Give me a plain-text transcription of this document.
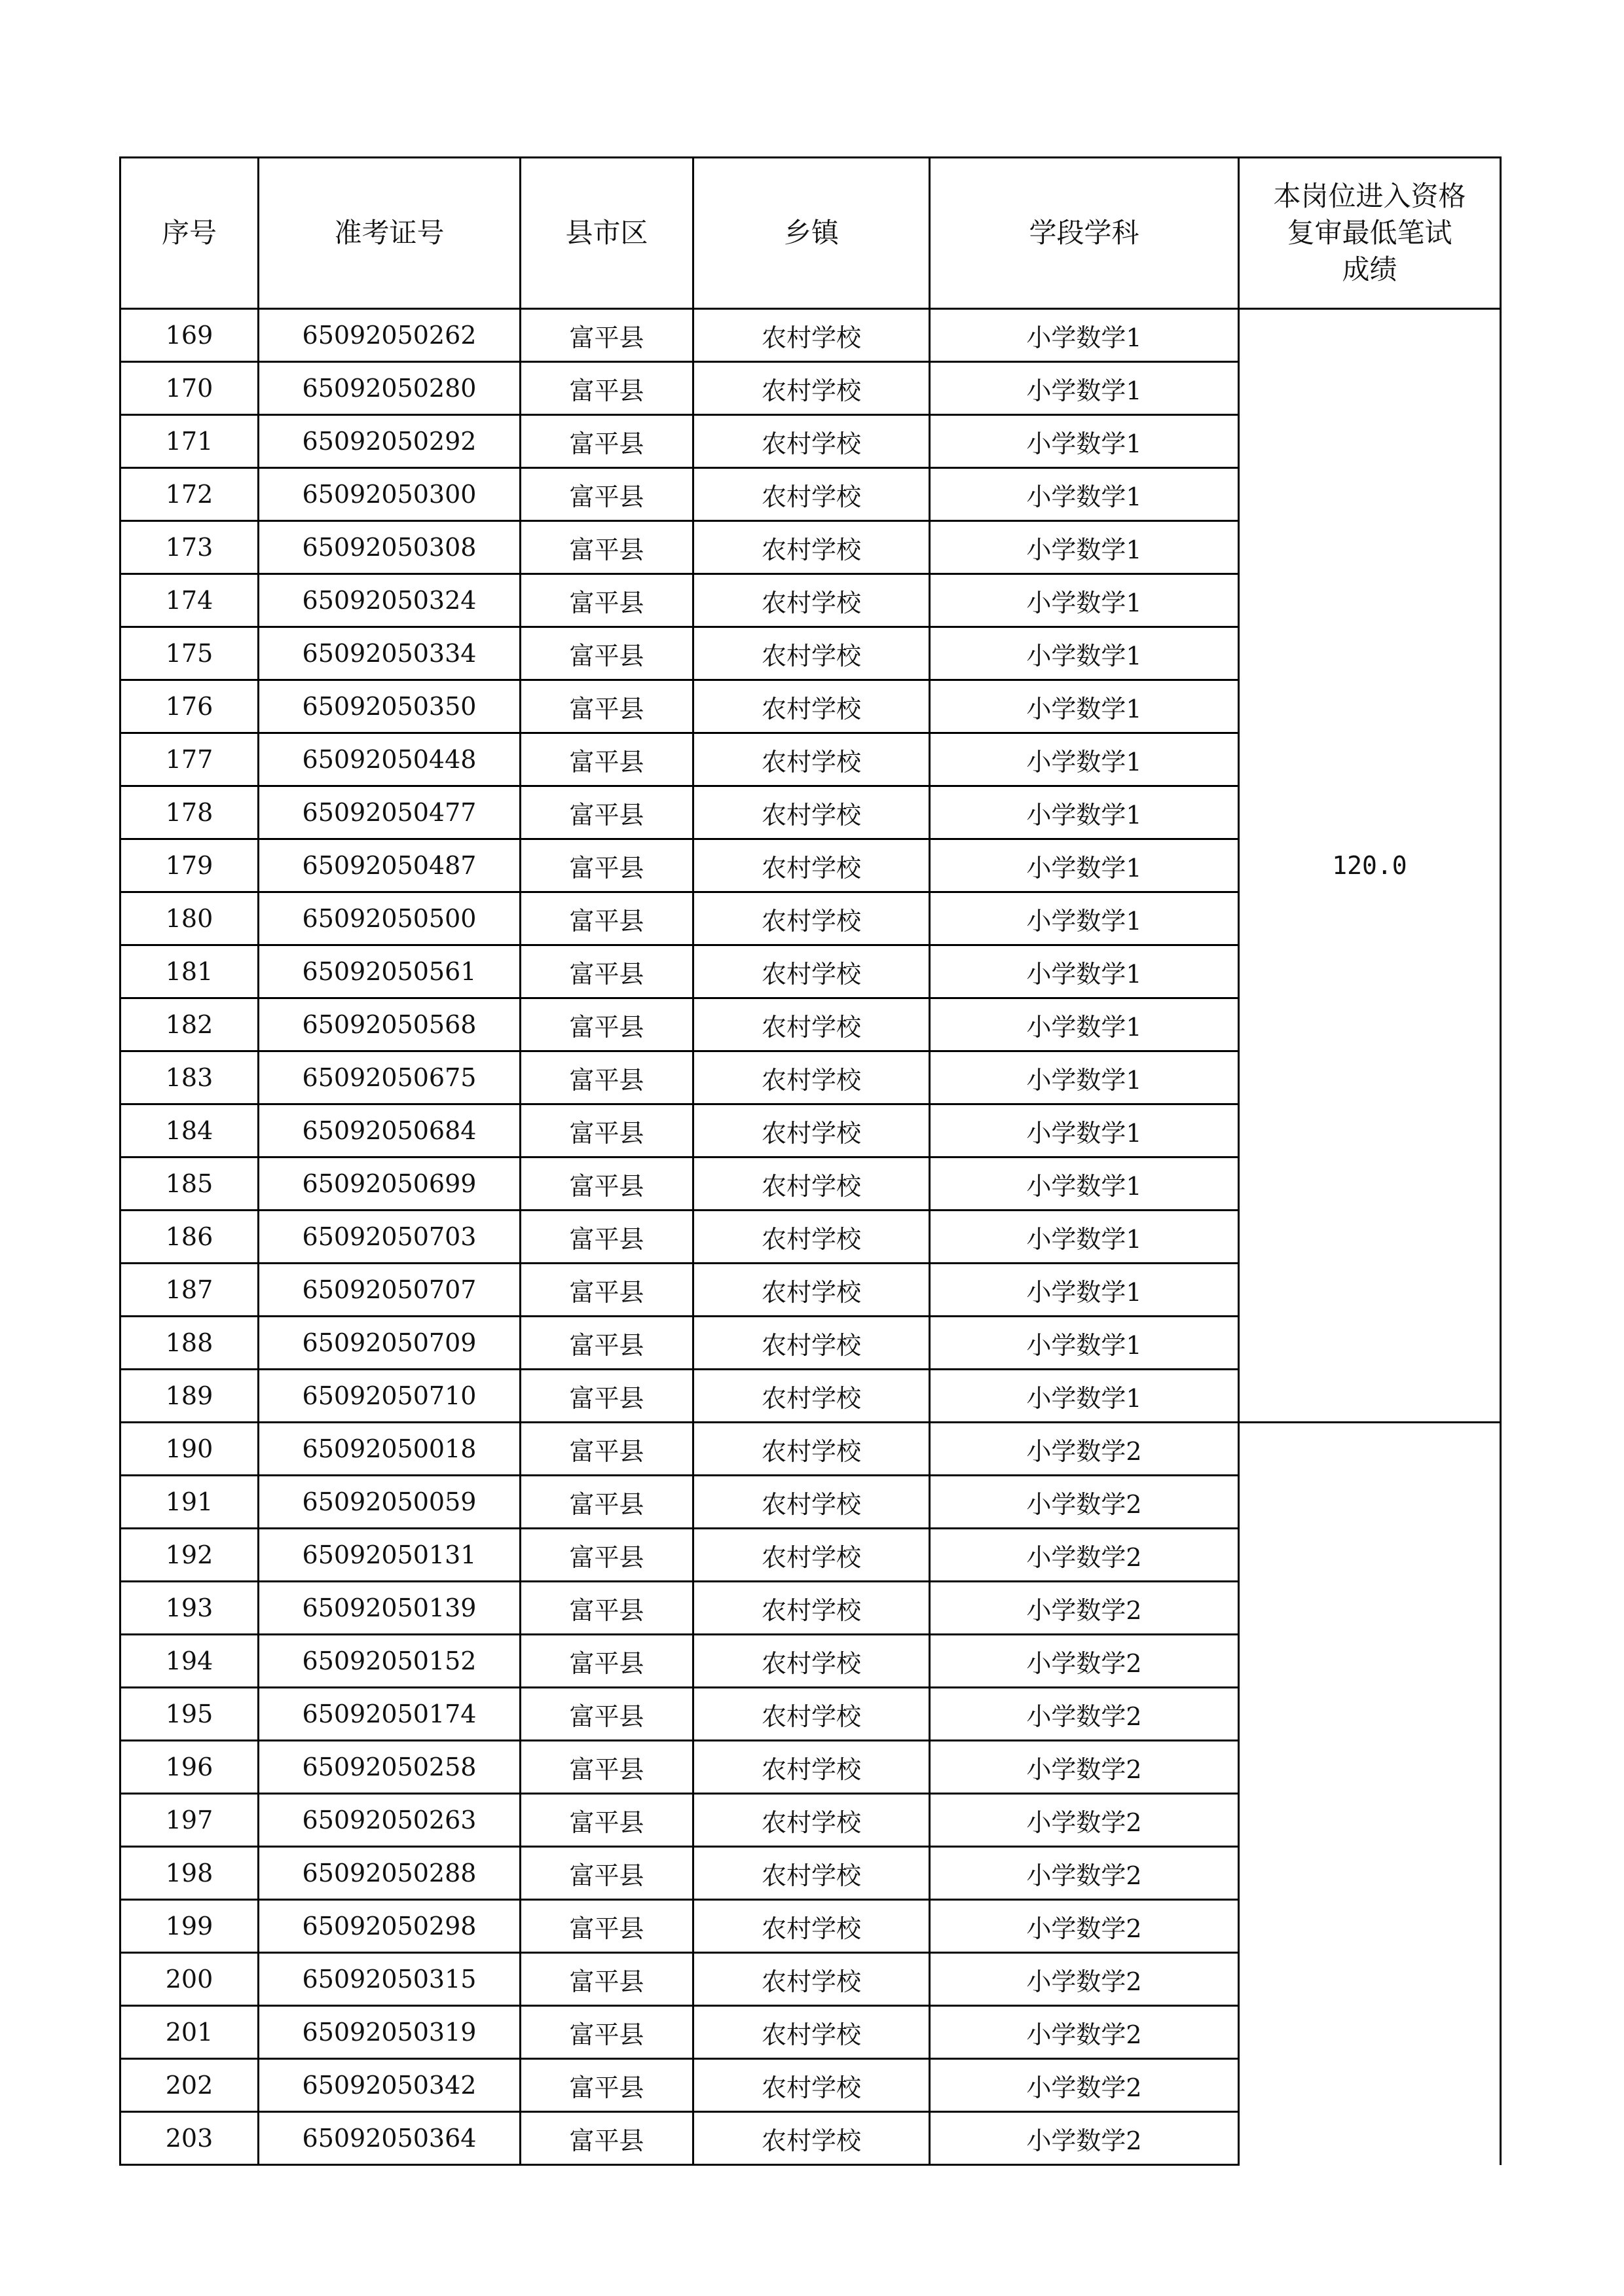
序号	准考证号	县市区	乡镇	学段学科	本岗位进入资格
复审最低笔试
成绩

169	65092050262	富平县	农村学校	小学数学1	120.0
170	65092050280	富平县	农村学校	小学数学1	
171	65092050292	富平县	农村学校	小学数学1	
172	65092050300	富平县	农村学校	小学数学1	
173	65092050308	富平县	农村学校	小学数学1	
174	65092050324	富平县	农村学校	小学数学1	
175	65092050334	富平县	农村学校	小学数学1	
176	65092050350	富平县	农村学校	小学数学1	
177	65092050448	富平县	农村学校	小学数学1	
178	65092050477	富平县	农村学校	小学数学1	
179	65092050487	富平县	农村学校	小学数学1	
180	65092050500	富平县	农村学校	小学数学1	
181	65092050561	富平县	农村学校	小学数学1	
182	65092050568	富平县	农村学校	小学数学1	
183	65092050675	富平县	农村学校	小学数学1	
184	65092050684	富平县	农村学校	小学数学1	
185	65092050699	富平县	农村学校	小学数学1	
186	65092050703	富平县	农村学校	小学数学1	
187	65092050707	富平县	农村学校	小学数学1	
188	65092050709	富平县	农村学校	小学数学1	
189	65092050710	富平县	农村学校	小学数学1	
190	65092050018	富平县	农村学校	小学数学2	
191	65092050059	富平县	农村学校	小学数学2	
192	65092050131	富平县	农村学校	小学数学2	
193	65092050139	富平县	农村学校	小学数学2	
194	65092050152	富平县	农村学校	小学数学2	
195	65092050174	富平县	农村学校	小学数学2	
196	65092050258	富平县	农村学校	小学数学2	
197	65092050263	富平县	农村学校	小学数学2	
198	65092050288	富平县	农村学校	小学数学2	
199	65092050298	富平县	农村学校	小学数学2	
200	65092050315	富平县	农村学校	小学数学2	
201	65092050319	富平县	农村学校	小学数学2	
202	65092050342	富平县	农村学校	小学数学2	
203	65092050364	富平县	农村学校	小学数学2	
